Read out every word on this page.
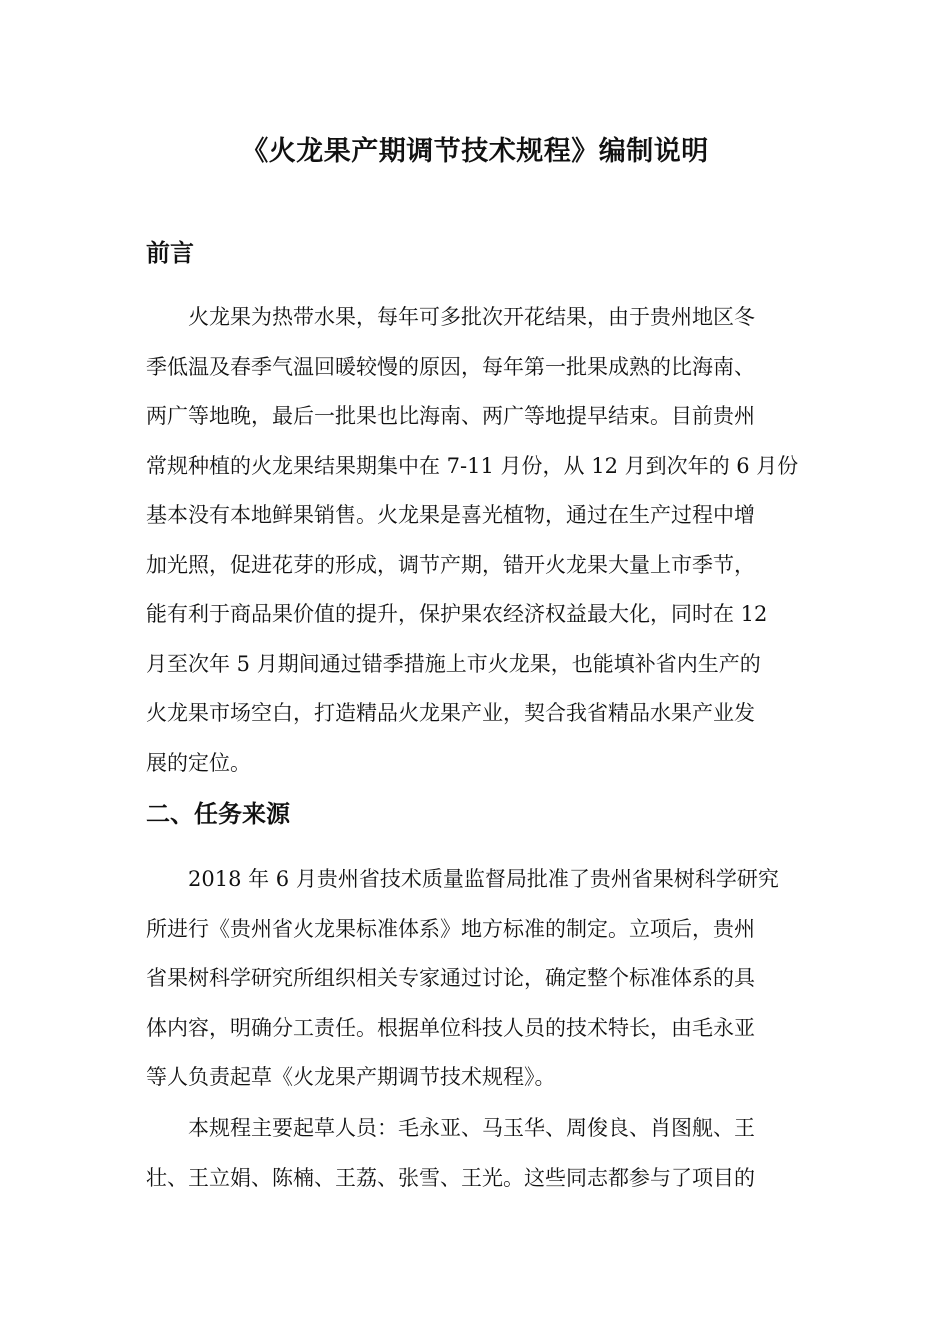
《火龙果产期调节技术规程》编制说明
前言
火龙果为热带水果，每年可多批次开花结果，由于贵州地区冬
季低温及春季气温回暖较慢的原因，每年第一批果成熟的比海南、
两广等地晚，最后一批果也比海南、两广等地提早结束。目前贵州
常规种植的火龙果结果期集中在 7-11 月份，从 12 月到次年的 6 月份
基本没有本地鲜果销售。火龙果是喜光植物，通过在生产过程中增
加光照，促进花芽的形成，调节产期，错开火龙果大量上市季节，
能有利于商品果价值的提升，保护果农经济权益最大化，同时在 12
月至次年 5 月期间通过错季措施上市火龙果，也能填补省内生产的
火龙果市场空白，打造精品火龙果产业，契合我省精品水果产业发
展的定位。
二、任务来源
2018 年 6 月贵州省技术质量监督局批准了贵州省果树科学研究
所进行《贵州省火龙果标准体系》地方标准的制定。立项后，贵州
省果树科学研究所组织相关专家通过讨论，确定整个标准体系的具
体内容，明确分工责任。根据单位科技人员的技术特长，由毛永亚
等人负责起草《火龙果产期调节技术规程》。
本规程主要起草人员：毛永亚、马玉华、周俊良、肖图舰、王
壮、王立娟、陈楠、王荔、张雪、王光。这些同志都参与了项目的
